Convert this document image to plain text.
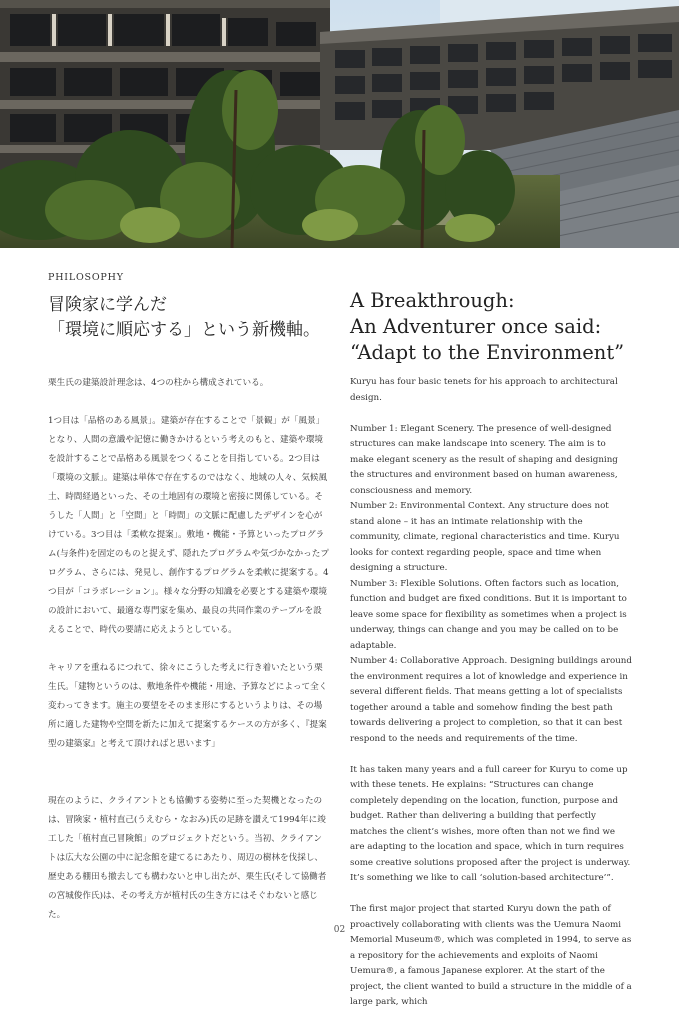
PHILOSOPHY
冒険家に学んだ
「環境に順応する」という新機軸。
A Breakthrough:
An Adventurer once said:
“Adapt to the Environment”

栗生氏の建築設計理念は、4つの柱から構成されている。

1つ目は「品格のある風景」。建築が存在することで「景観」が「風景」となり、人間の意識や記憶に働きかけるという考えのもと、建築や環境を設計することで品格ある風景をつくることを目指している。2つ目は「環境の文脈」。建築は単体で存在するのではなく、地域の人々、気候風土、時間経過といった、その土地固有の環境と密接に関係している。そうした「人間」と「空間」と「時間」の文脈に配慮したデザインを心がけている。3つ目は「柔軟な提案」。敷地・機能・予算といったプログラム(与条件)を固定のものと捉えず、隠れたプログラムや気づかなかったプログラム、さらには、発見し、創作するプログラムを柔軟に提案する。4つ目が「コラボレーション」。様々な分野の知識を必要とする建築や環境の設計において、最適な専門家を集め、最良の共同作業のテーブルを設えることで、時代の要請に応えようとしている。

キャリアを重ねるにつれて、徐々にこうした考えに行き着いたという栗生氏。「建物というのは、敷地条件や機能・用途、予算などによって全く変わってきます。施主の要望をそのまま形にするというよりは、その場所に適した建物や空間を新たに加えて提案するケースの方が多く、『提案型の建築家』と考えて頂ければと思います」

現在のように、クライアントとも協働する姿勢に至った契機となったのは、冒険家・植村直己(うえむら・なおみ)氏の足跡を讃えて1994年に竣工した「植村直己冒険館」のプロジェクトだという。当初、クライアントは広大な公園の中に記念館を建てるにあたり、周辺の樹林を伐採し、歴史ある棚田も撤去しても構わないと申し出たが、栗生氏(そして協働者の宮城俊作氏)は、その考え方が植村氏の生き方にはそぐわないと感じた。

Kuryu has four basic tenets for his approach to architectural design.

Number 1: Elegant Scenery. The presence of well-designed structures can make landscape into scenery. The aim is to make elegant scenery as the result of shaping and designing the structures and environment based on human awareness, consciousness and memory.

Number 2: Environmental Context. Any structure does not stand alone – it has an intimate relationship with the community, climate, regional characteristics and time. Kuryu looks for context regarding people, space and time when designing a structure.

Number 3: Flexible Solutions. Often factors such as location, function and budget are fixed conditions. But it is important to leave some space for flexibility as sometimes when a project is underway, things can change and you may be called on to be adaptable.

Number 4: Collaborative Approach. Designing buildings around the environment requires a lot of knowledge and experience in several different fields. That means getting a lot of specialists together around a table and somehow finding the best path towards delivering a project to completion, so that it can best respond to the needs and requirements of the time.

It has taken many years and a full career for Kuryu to come up with these tenets. He explains: “Structures can change completely depending on the location, function, purpose and budget. Rather than delivering a building that perfectly matches the client’s wishes, more often than not we find we are adapting to the location and space, which in turn requires some creative solutions proposed after the project is underway. It’s something we like to call ‘solution-based architecture’”.

The first major project that started Kuryu down the path of proactively collaborating with clients was the Uemura Naomi Memorial Museum®, which was completed in 1994, to serve as a repository for the achievements and exploits of Naomi Uemura®, a famous Japanese explorer. At the start of the project, the client wanted to build a structure in the middle of a large park, which

02
